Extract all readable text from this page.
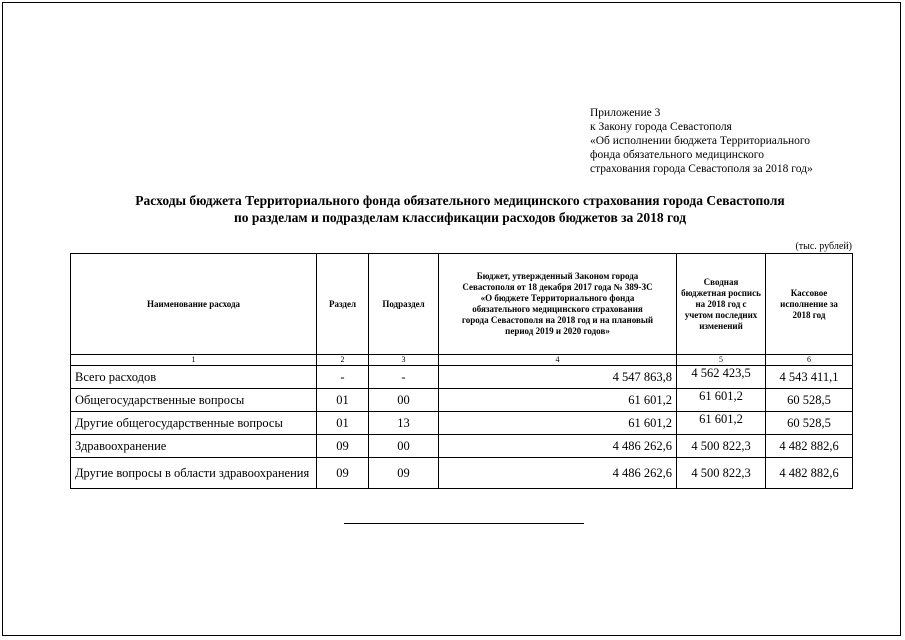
Приложение 3
к Закону города Севастополя
«Об исполнении бюджета Территориального
фонда обязательного медицинского
страхования города Севастополя за 2018 год»
Расходы бюджета Территориального фонда обязательного медицинского страхования города Севастополя
по разделам и подразделам классификации расходов бюджетов за 2018 год
(тыс. рублей)
Наименование расхода	Раздел	Подраздел	Бюджет, утвержденный Законом города Севастополя от 18 декабря 2017 года № 389-ЗС «О бюджете Территориального фонда обязательного медицинского страхования города Севастополя на 2018 год и на плановый период 2019 и 2020 годов»	Сводная бюджетная роспись на 2018 год с учетом последних изменений	Кассовое исполнение за 2018 год
1	2	3	4	5	6
Всего расходов	-	-	4 547 863,8	4 562 423,5	4 543 411,1
Общегосударственные вопросы	01	00	61 601,2	61 601,2	60 528,5
Другие общегосударственные вопросы	01	13	61 601,2	61 601,2	60 528,5
Здравоохранение	09	00	4 486 262,6	4 500 822,3	4 482 882,6
Другие вопросы в области здравоохранения	09	09	4 486 262,6	4 500 822,3	4 482 882,6
